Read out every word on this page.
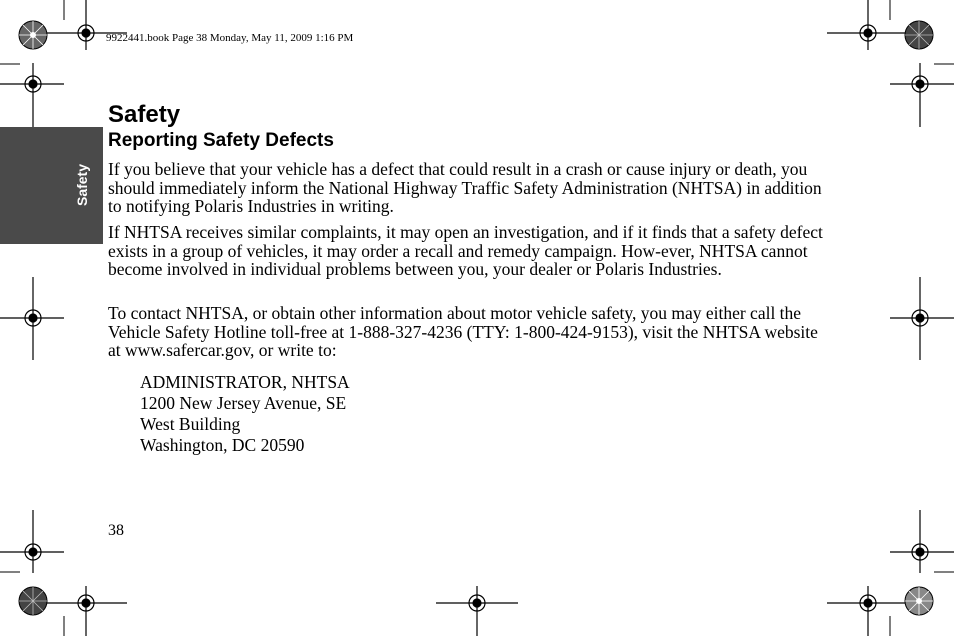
9922441.book Page 38 Monday, May 11, 2009 1:16 PM
Safety
Safety
Reporting Safety Defects

If you believe that your vehicle has a defect that could result in a crash or cause injury or death, you should immediately inform the National Highway Traffic Safety Administration (NHTSA) in addition to notifying Polaris Industries in writing.

If NHTSA receives similar complaints, it may open an investigation, and if it finds that a safety defect exists in a group of vehicles, it may order a recall and remedy campaign. How-ever, NHTSA cannot become involved in individual problems between you, your dealer or Polaris Industries.

To contact NHTSA, or obtain other information about motor vehicle safety, you may either call the Vehicle Safety Hotline toll-free at 1-888-327-4236 (TTY: 1-800-424-9153), visit the NHTSA website at www.safercar.gov, or write to:

ADMINISTRATOR, NHTSA
1200 New Jersey Avenue, SE
West Building
Washington, DC 20590
38
